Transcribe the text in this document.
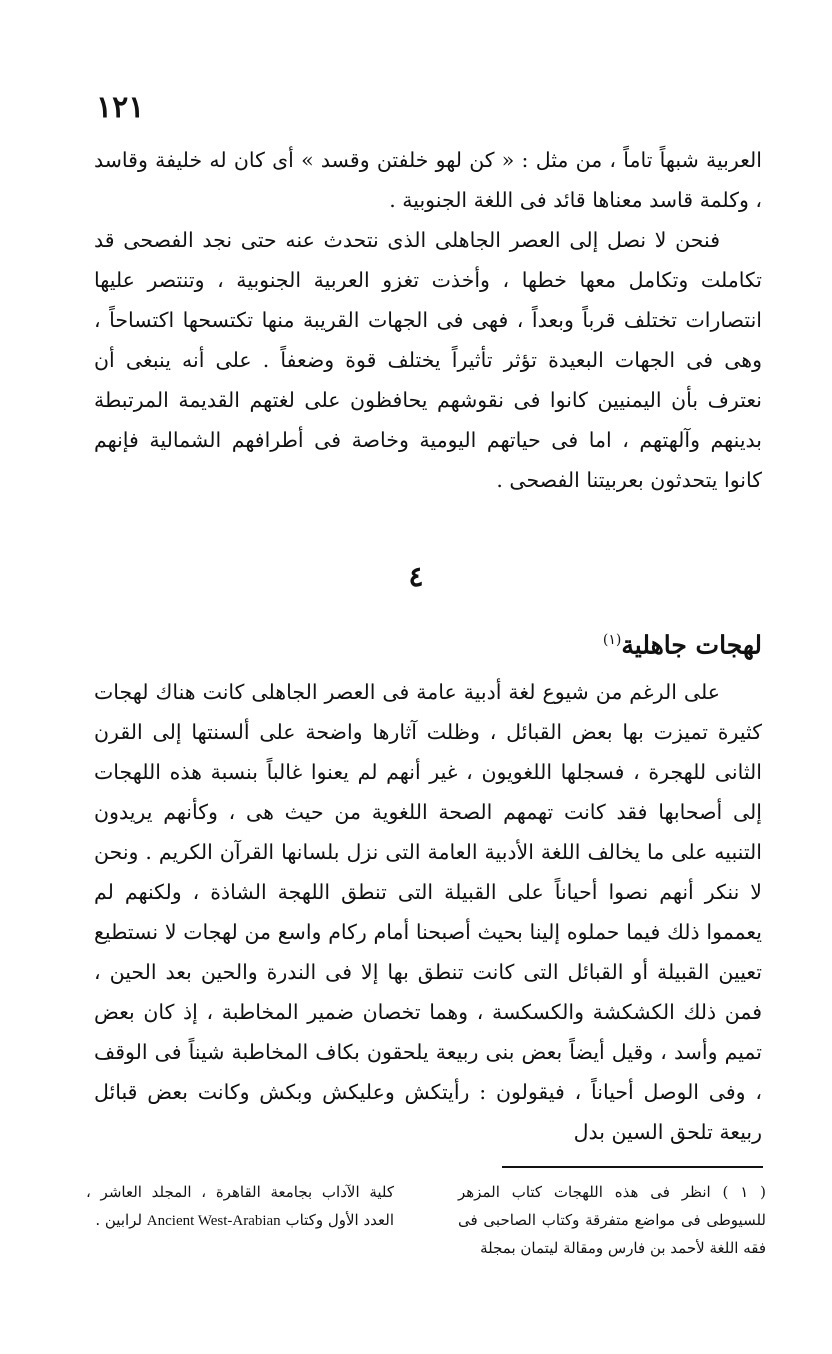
١٢١

العربية شبهاً تاماً ، من مثل : « كن لهو خلفتن وقسد » أى كان له خليفة وقاسد ، وكلمة قاسد معناها قائد فى اللغة الجنوبية .

فنحن لا نصل إلى العصر الجاهلى الذى نتحدث عنه حتى نجد الفصحى قد تكاملت وتكامل معها خطها ، وأخذت تغزو العربية الجنوبية ، وتنتصر عليها انتصارات تختلف قرباً وبعداً ، فهى فى الجهات القريبة منها تكتسحها اكتساحاً ، وهى فى الجهات البعيدة تؤثر تأثيراً يختلف قوة وضعفاً . على أنه ينبغى أن نعترف بأن اليمنيين كانوا فى نقوشهم يحافظون على لغتهم القديمة المرتبطة بدينهم وآلهتهم ، اما فى حياتهم اليومية وخاصة فى أطرافهم الشمالية فإنهم كانوا يتحدثون بعربيتنا الفصحى .

٤
لهجات جاهلية$^{(١)}$

على الرغم من شيوع لغة أدبية عامة فى العصر الجاهلى كانت هناك لهجات كثيرة تميزت بها بعض القبائل ، وظلت آثارها واضحة على ألسنتها إلى القرن الثانى للهجرة ، فسجلها اللغويون ، غير أنهم لم يعنوا غالباً بنسبة هذه اللهجات إلى أصحابها فقد كانت تهمهم الصحة اللغوية من حيث هى ، وكأنهم يريدون التنبيه على ما يخالف اللغة الأدبية العامة التى نزل بلسانها القرآن الكريم . ونحن لا ننكر أنهم نصوا أحياناً على القبيلة التى تنطق اللهجة الشاذة ، ولكنهم لم يعمموا ذلك فيما حملوه إلينا بحيث أصبحنا أمام ركام واسع من لهجات لا نستطيع تعيين القبيلة أو القبائل التى كانت تنطق بها إلا فى الندرة والحين بعد الحين ، فمن ذلك الكشكشة والكسكسة ، وهما تخصان ضمير المخاطبة ، إذ كان بعض تميم وأسد ، وقيل أيضاً بعض بنى ربيعة يلحقون بكاف المخاطبة شيناً فى الوقف ، وفى الوصل أحياناً ، فيقولون : رأيتكش وعليكش وبكش وكانت بعض قبائل ربيعة تلحق السين بدل

( ١ ) انظر فى هذه اللهجات كتاب المزهر للسيوطى فى مواضع متفرقة وكتاب الصاحبى فى فقه اللغة لأحمد بن فارس ومقالة ليتمان بمجلة
كلية الآداب بجامعة القاهرة ، المجلد العاشر ، العدد الأول وكتاب Ancient West-Arabian لرابين .
